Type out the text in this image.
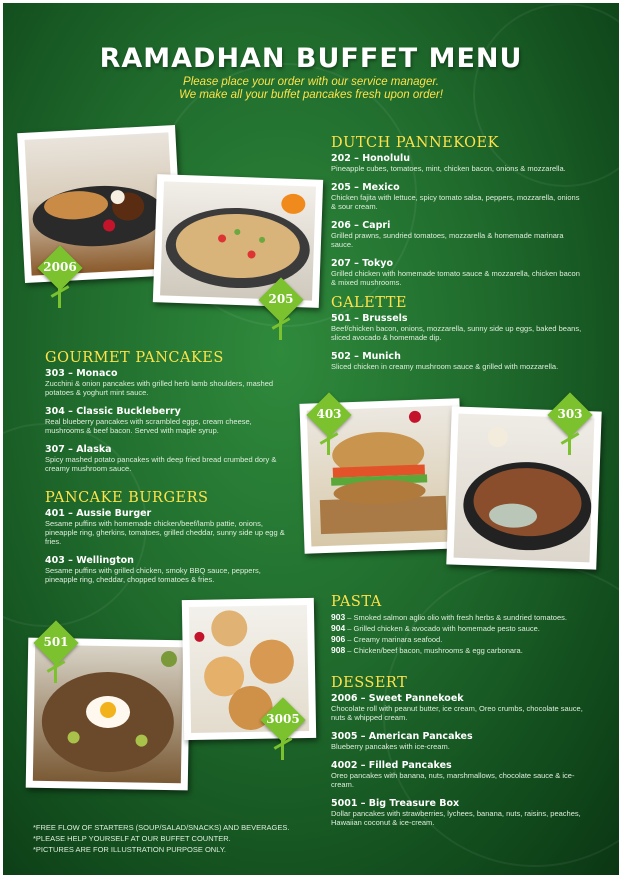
RAMADHAN BUFFET MENU
Please place your order with our service manager.
We make all your buffet pancakes fresh upon order!
2006
205
403	303
501
3005
DUTCH PANNEKOEK
202 – Honolulu
Pineapple cubes, tomatoes, mint, chicken bacon, onions & mozzarella.
205 – Mexico
Chicken fajita with lettuce, spicy tomato salsa, peppers, mozzarella, onions & sour cream.
206 – Capri
Grilled prawns, sundried tomatoes, mozzarella & homemade marinara sauce.
207 – Tokyo
Grilled chicken with homemade tomato sauce & mozzarella, chicken bacon & mixed mushrooms.
GALETTE
501 – Brussels
Beef/chicken bacon, onions, mozzarella, sunny side up eggs, baked beans, sliced avocado & homemade dip.
502 – Munich
Sliced chicken in creamy mushroom sauce & grilled with mozzarella.
GOURMET PANCAKES
303 – Monaco
Zucchini & onion pancakes with grilled herb lamb shoulders, mashed potatoes & yoghurt mint sauce.
304 – Classic Buckleberry
Real blueberry pancakes with scrambled eggs, cream cheese, mushrooms & beef bacon. Served with maple syrup.
307 – Alaska
Spicy mashed potato pancakes with deep fried bread crumbed dory & creamy mushroom sauce.
PANCAKE BURGERS
401 – Aussie Burger
Sesame puffins with homemade chicken/beef/lamb pattie, onions, pineapple ring, gherkins, tomatoes, grilled cheddar, sunny side up egg & fries.
403 – Wellington
Sesame puffins with grilled chicken, smoky BBQ sauce, peppers, pineapple ring, cheddar, chopped tomatoes & fries.
PASTA
903 – Smoked salmon aglio olio with fresh herbs & sundried tomatoes.
904 – Grilled chicken & avocado with homemade pesto sauce.
906 – Creamy marinara seafood.
908 – Chicken/beef bacon, mushrooms & egg carbonara.
DESSERT
2006 – Sweet Pannekoek
Chocolate roll with peanut butter, ice cream, Oreo crumbs, chocolate sauce, nuts & whipped cream.
3005 – American Pancakes
Blueberry pancakes with ice-cream.
4002 – Filled Pancakes
Oreo pancakes with banana, nuts, marshmallows, chocolate sauce & ice-cream.
5001 – Big Treasure Box
Dollar pancakes with strawberries, lychees, banana, nuts, raisins, peaches, Hawaiian coconut & ice-cream.
*FREE FLOW OF STARTERS (SOUP/SALAD/SNACKS) AND BEVERAGES.
*PLEASE HELP YOURSELF AT OUR BUFFET COUNTER.
*PICTURES ARE FOR ILLUSTRATION PURPOSE ONLY.
